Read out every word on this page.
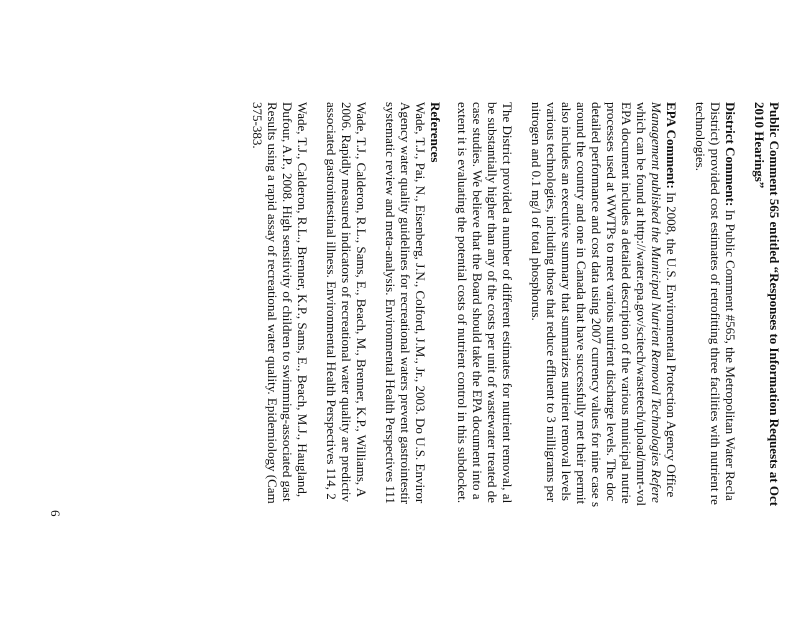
Public Comment 565 entitled “Responses to Information Requests at Oct
2010 Hearings”
District Comment: In Public Comment #565, the Metropolitan Water Recla
District) provided cost estimates of retrofitting three facilities with nutrient re
technologies.
EPA Comment: In 2008, the U.S. Environmental Protection Agency Office
Management published the Municipal Nutrient Removal Technologies Refere
which can be found at http://water.epa.gov/scitech/wastetech/upload/mnrt-vol
EPA document includes a detailed description of the various municipal nutrie
processes used at WWTPs to meet various nutrient discharge levels. The doc
detailed performance and cost data using 2007 currency values for nine case s
around the country and one in Canada that have successfully met their permit
also includes an executive summary that summarizes nutrient removal levels
various technologies, including those that reduce effluent to 3 milligrams per
nitrogen and 0.1 mg/l of total phosphorus.
The District provided a number of different estimates for nutrient removal, al
be substantially higher than any of the costs per unit of wastewater treated de
case studies. We believe that the Board should take the EPA document into a
extent it is evaluating the potential costs of nutrient control in this subdocket.
References
Wade, T.J., Pai, N., Eisenberg, J.N., Colford, J.M., Jr., 2003. Do U.S. Enviror
Agency water quality guidelines for recreational waters prevent gastrointestir
systematic review and meta-analysis. Environmental Health Perspectives 111
Wade, T.J., Calderon, R.L., Sams, E., Beach, M., Brenner, K.P., Williams, A
2006. Rapidly measured indicators of recreational water quality are predictiv
associated gastrointestinal illness. Environmental Health Perspectives 114, 2
Wade, T.J., Calderon, R.L., Brenner, K.P., Sams, E., Beach, M.J., Haugland,
Dufour, A.P., 2008. High sensitivity of children to swimming-associated gast
Results using a rapid assay of recreational water quality. Epidemiology (Cam
375-383.
6
